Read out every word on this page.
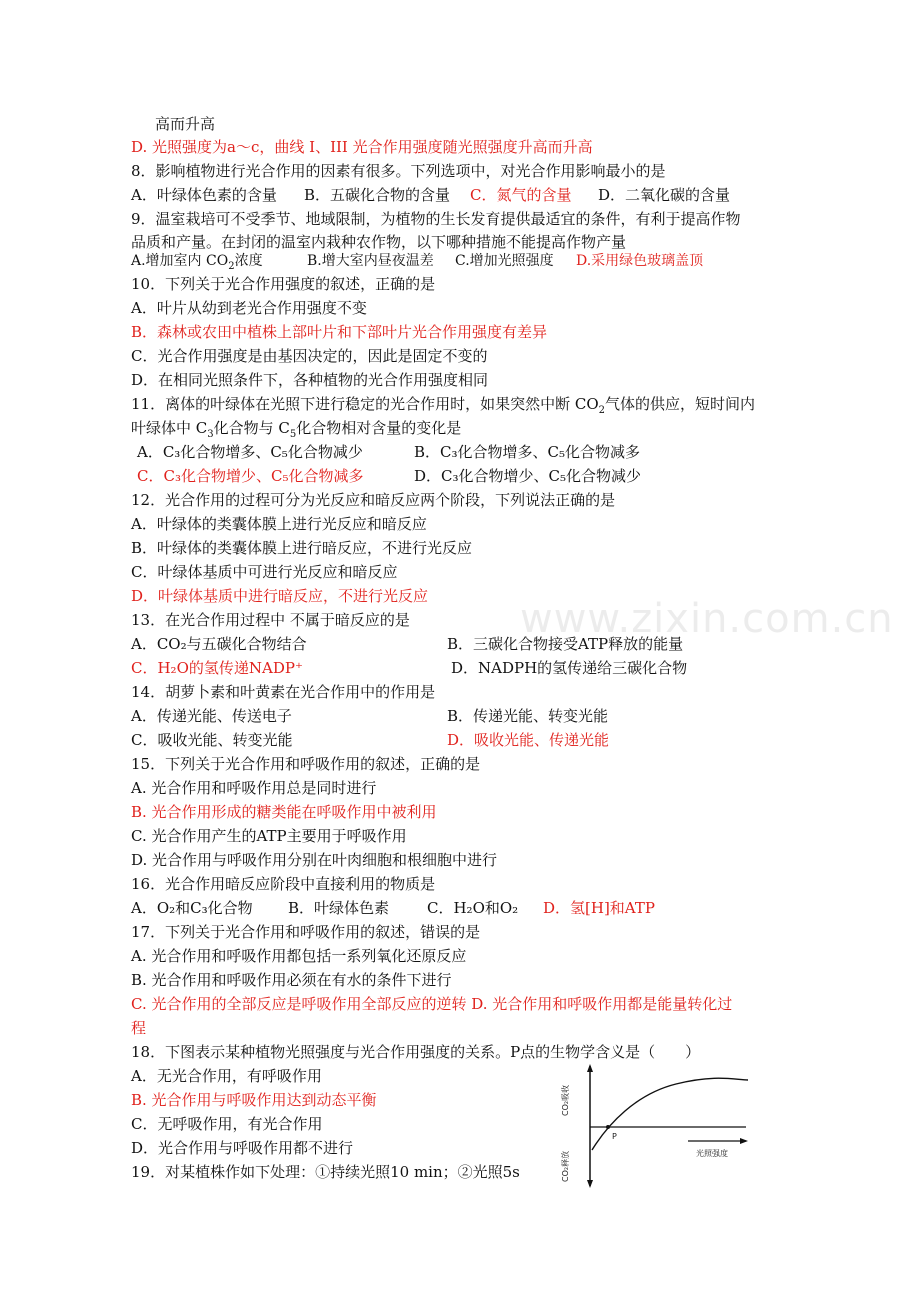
高而升高
D. 光照强度为a～c，曲线 I、III 光合作用强度随光照强度升高而升高
8．影响植物进行光合作用的因素有很多。下列选项中，对光合作用影响最小的是
A．叶绿体色素的含量 B．五碳化合物的含量 C．氮气的含量 D．二氧化碳的含量
9．温室栽培可不受季节、地域限制，为植物的生长发育提供最适宜的条件，有利于提高作物
品质和产量。在封闭的温室内栽种农作物，以下哪种措施不能提高作物产量
A.增加室内 $CO_2$浓度	B.增大室内昼夜温差 C.增加光照强度 D.采用绿色玻璃盖顶
10．下列关于光合作用强度的叙述，正确的是
A．叶片从幼到老光合作用强度不变
B．森林或农田中植株上部叶片和下部叶片光合作用强度有差异
C．光合作用强度是由基因决定的，因此是固定不变的
D．在相同光照条件下，各种植物的光合作用强度相同
11．离体的叶绿体在光照下进行稳定的光合作用时，如果突然中断 $CO_2$气体的供应，短时间内
叶绿体中 $C_3$化合物与 $C_5$化合物相对含量的变化是
A．C₃化合物增多、C₅化合物减少	B．C₃化合物增多、C₅化合物减多
C．C₃化合物增少、C₅化合物减多	D．C₃化合物增少、C₅化合物减少
12．光合作用的过程可分为光反应和暗反应两个阶段，下列说法正确的是
A．叶绿体的类囊体膜上进行光反应和暗反应
B．叶绿体的类囊体膜上进行暗反应，不进行光反应
C．叶绿体基质中可进行光反应和暗反应
D．叶绿体基质中进行暗反应，不进行光反应
13．在光合作用过程中 不属于暗反应的是
A．CO₂与五碳化合物结合	B．三碳化合物接受ATP释放的能量
C．H₂O的氢传递NADP⁺	D．NADPH的氢传递给三碳化合物
14．胡萝卜素和叶黄素在光合作用中的作用是
A．传递光能、传送电子	B．传递光能、转变光能
C．吸收光能、转变光能	D．吸收光能、传递光能
15．下列关于光合作用和呼吸作用的叙述，正确的是
A. 光合作用和呼吸作用总是同时进行
B. 光合作用形成的糖类能在呼吸作用中被利用
C. 光合作用产生的ATP主要用于呼吸作用
D. 光合作用与呼吸作用分别在叶肉细胞和根细胞中进行
16．光合作用暗反应阶段中直接利用的物质是
A．O₂和C₃化合物 B．叶绿体色素	C．H₂O和O₂ D．氢[H]和ATP
17．下列关于光合作用和呼吸作用的叙述，错误的是
A. 光合作用和呼吸作用都包括一系列氧化还原反应
B. 光合作用和呼吸作用必须在有水的条件下进行
C. 光合作用的全部反应是呼吸作用全部反应的逆转 D. 光合作用和呼吸作用都是能量转化过
程
18．下图表示某种植物光照强度与光合作用强度的关系。P点的生物学含义是（　　）
A．无光合作用，有呼吸作用
B. 光合作用与呼吸作用达到动态平衡
C．无呼吸作用，有光合作用
D．光合作用与呼吸作用都不进行
19．对某植株作如下处理：①持续光照10 min；②光照5s
P
CO₂吸收
CO₂释放	光照强度
www.zixin.com.cn
